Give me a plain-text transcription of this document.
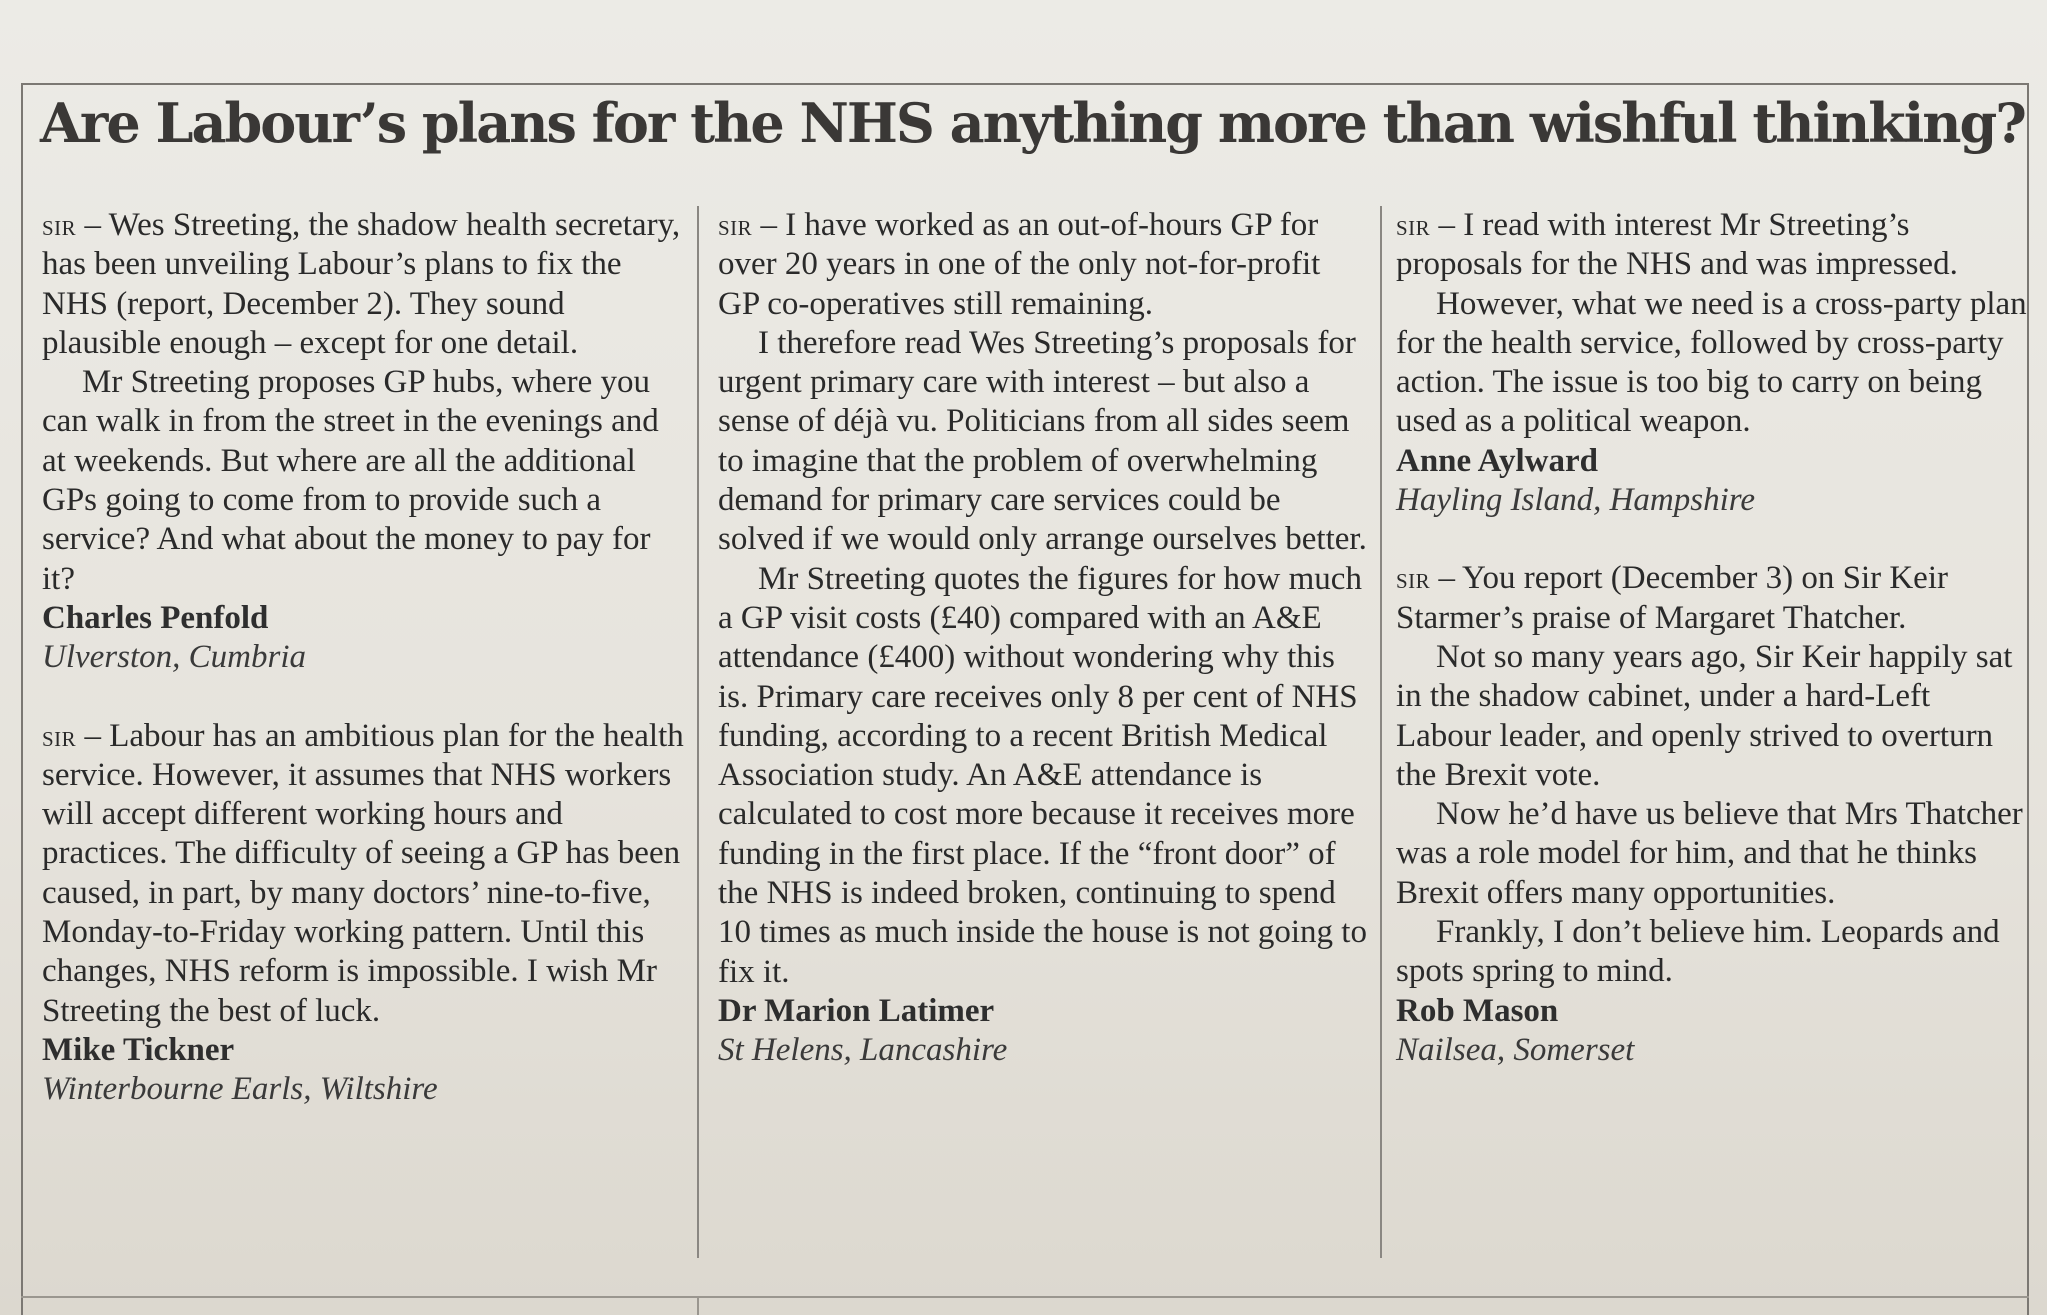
Are Labour’s plans for the NHS anything more than wishful thinking?

sir – Wes Streeting, the shadow health secretary, has been unveiling Labour’s plans to fix the NHS (report, December 2). They sound plausible enough – except for one detail.

Mr Streeting proposes GP hubs, where you can walk in from the street in the evenings and at weekends. But where are all the additional GPs going to come from to provide such a service? And what about the money to pay for it?

Charles Penfold

Ulverston, Cumbria

sir – Labour has an ambitious plan for the health service. However, it assumes that NHS workers will accept different working hours and practices. The difficulty of seeing a GP has been caused, in part, by many doctors’ nine-to-five, Monday-to-Friday working pattern. Until this changes, NHS reform is impossible. I wish Mr Streeting the best of luck.

Mike Tickner

Winterbourne Earls, Wiltshire

sir – I have worked as an out-of-hours GP for over 20 years in one of the only not-for-profit GP co-operatives still remaining.

I therefore read Wes Streeting’s proposals for urgent primary care with interest – but also a sense of déjà vu. Politicians from all sides seem to imagine that the problem of overwhelming demand for primary care services could be solved if we would only arrange ourselves better.

Mr Streeting quotes the figures for how much a GP visit costs (£40) compared with an A&E attendance (£400) without wondering why this is. Primary care receives only 8 per cent of NHS funding, according to a recent British Medical Association study. An A&E attendance is calculated to cost more because it receives more funding in the first place. If the “front door” of the NHS is indeed broken, continuing to spend 10 times as much inside the house is not going to fix it.

Dr Marion Latimer

St Helens, Lancashire

sir – I read with interest Mr Streeting’s proposals for the NHS and was impressed.

However, what we need is a cross-party plan for the health service, followed by cross-party action. The issue is too big to carry on being used as a political weapon.

Anne Aylward

Hayling Island, Hampshire

sir – You report (December 3) on Sir Keir Starmer’s praise of Margaret Thatcher.

Not so many years ago, Sir Keir happily sat in the shadow cabinet, under a hard-Left Labour leader, and openly strived to overturn the Brexit vote.

Now he’d have us believe that Mrs Thatcher was a role model for him, and that he thinks Brexit offers many opportunities.

Frankly, I don’t believe him. Leopards and spots spring to mind.

Rob Mason

Nailsea, Somerset
